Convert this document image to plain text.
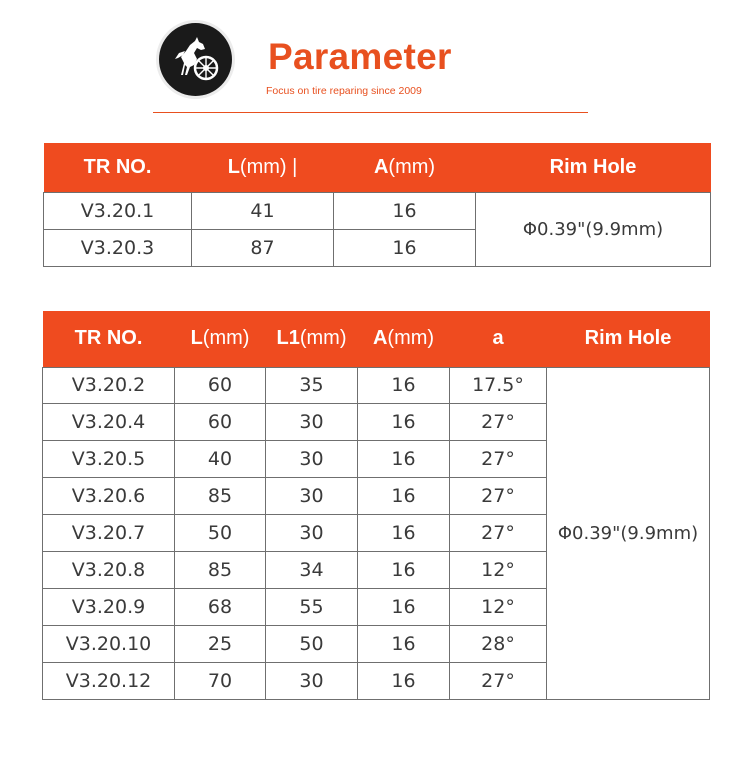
Parameter
Focus on tire reparing since 2009
TR NO.	L(mm) |	A(mm)	Rim Hole
V3.20.1	41	16	Φ0.39"(9.9mm)
V3.20.3	87	16	
TR NO.	L(mm)	L1(mm)	A(mm)	a	Rim Hole
V3.20.2	60	35	16	17.5°	Φ0.39"(9.9mm)
V3.20.4	60	30	16	27°	
V3.20.5	40	30	16	27°	
V3.20.6	85	30	16	27°	
V3.20.7	50	30	16	27°	
V3.20.8	85	34	16	12°	
V3.20.9	68	55	16	12°	
V3.20.10	25	50	16	28°	
V3.20.12	70	30	16	27°	
